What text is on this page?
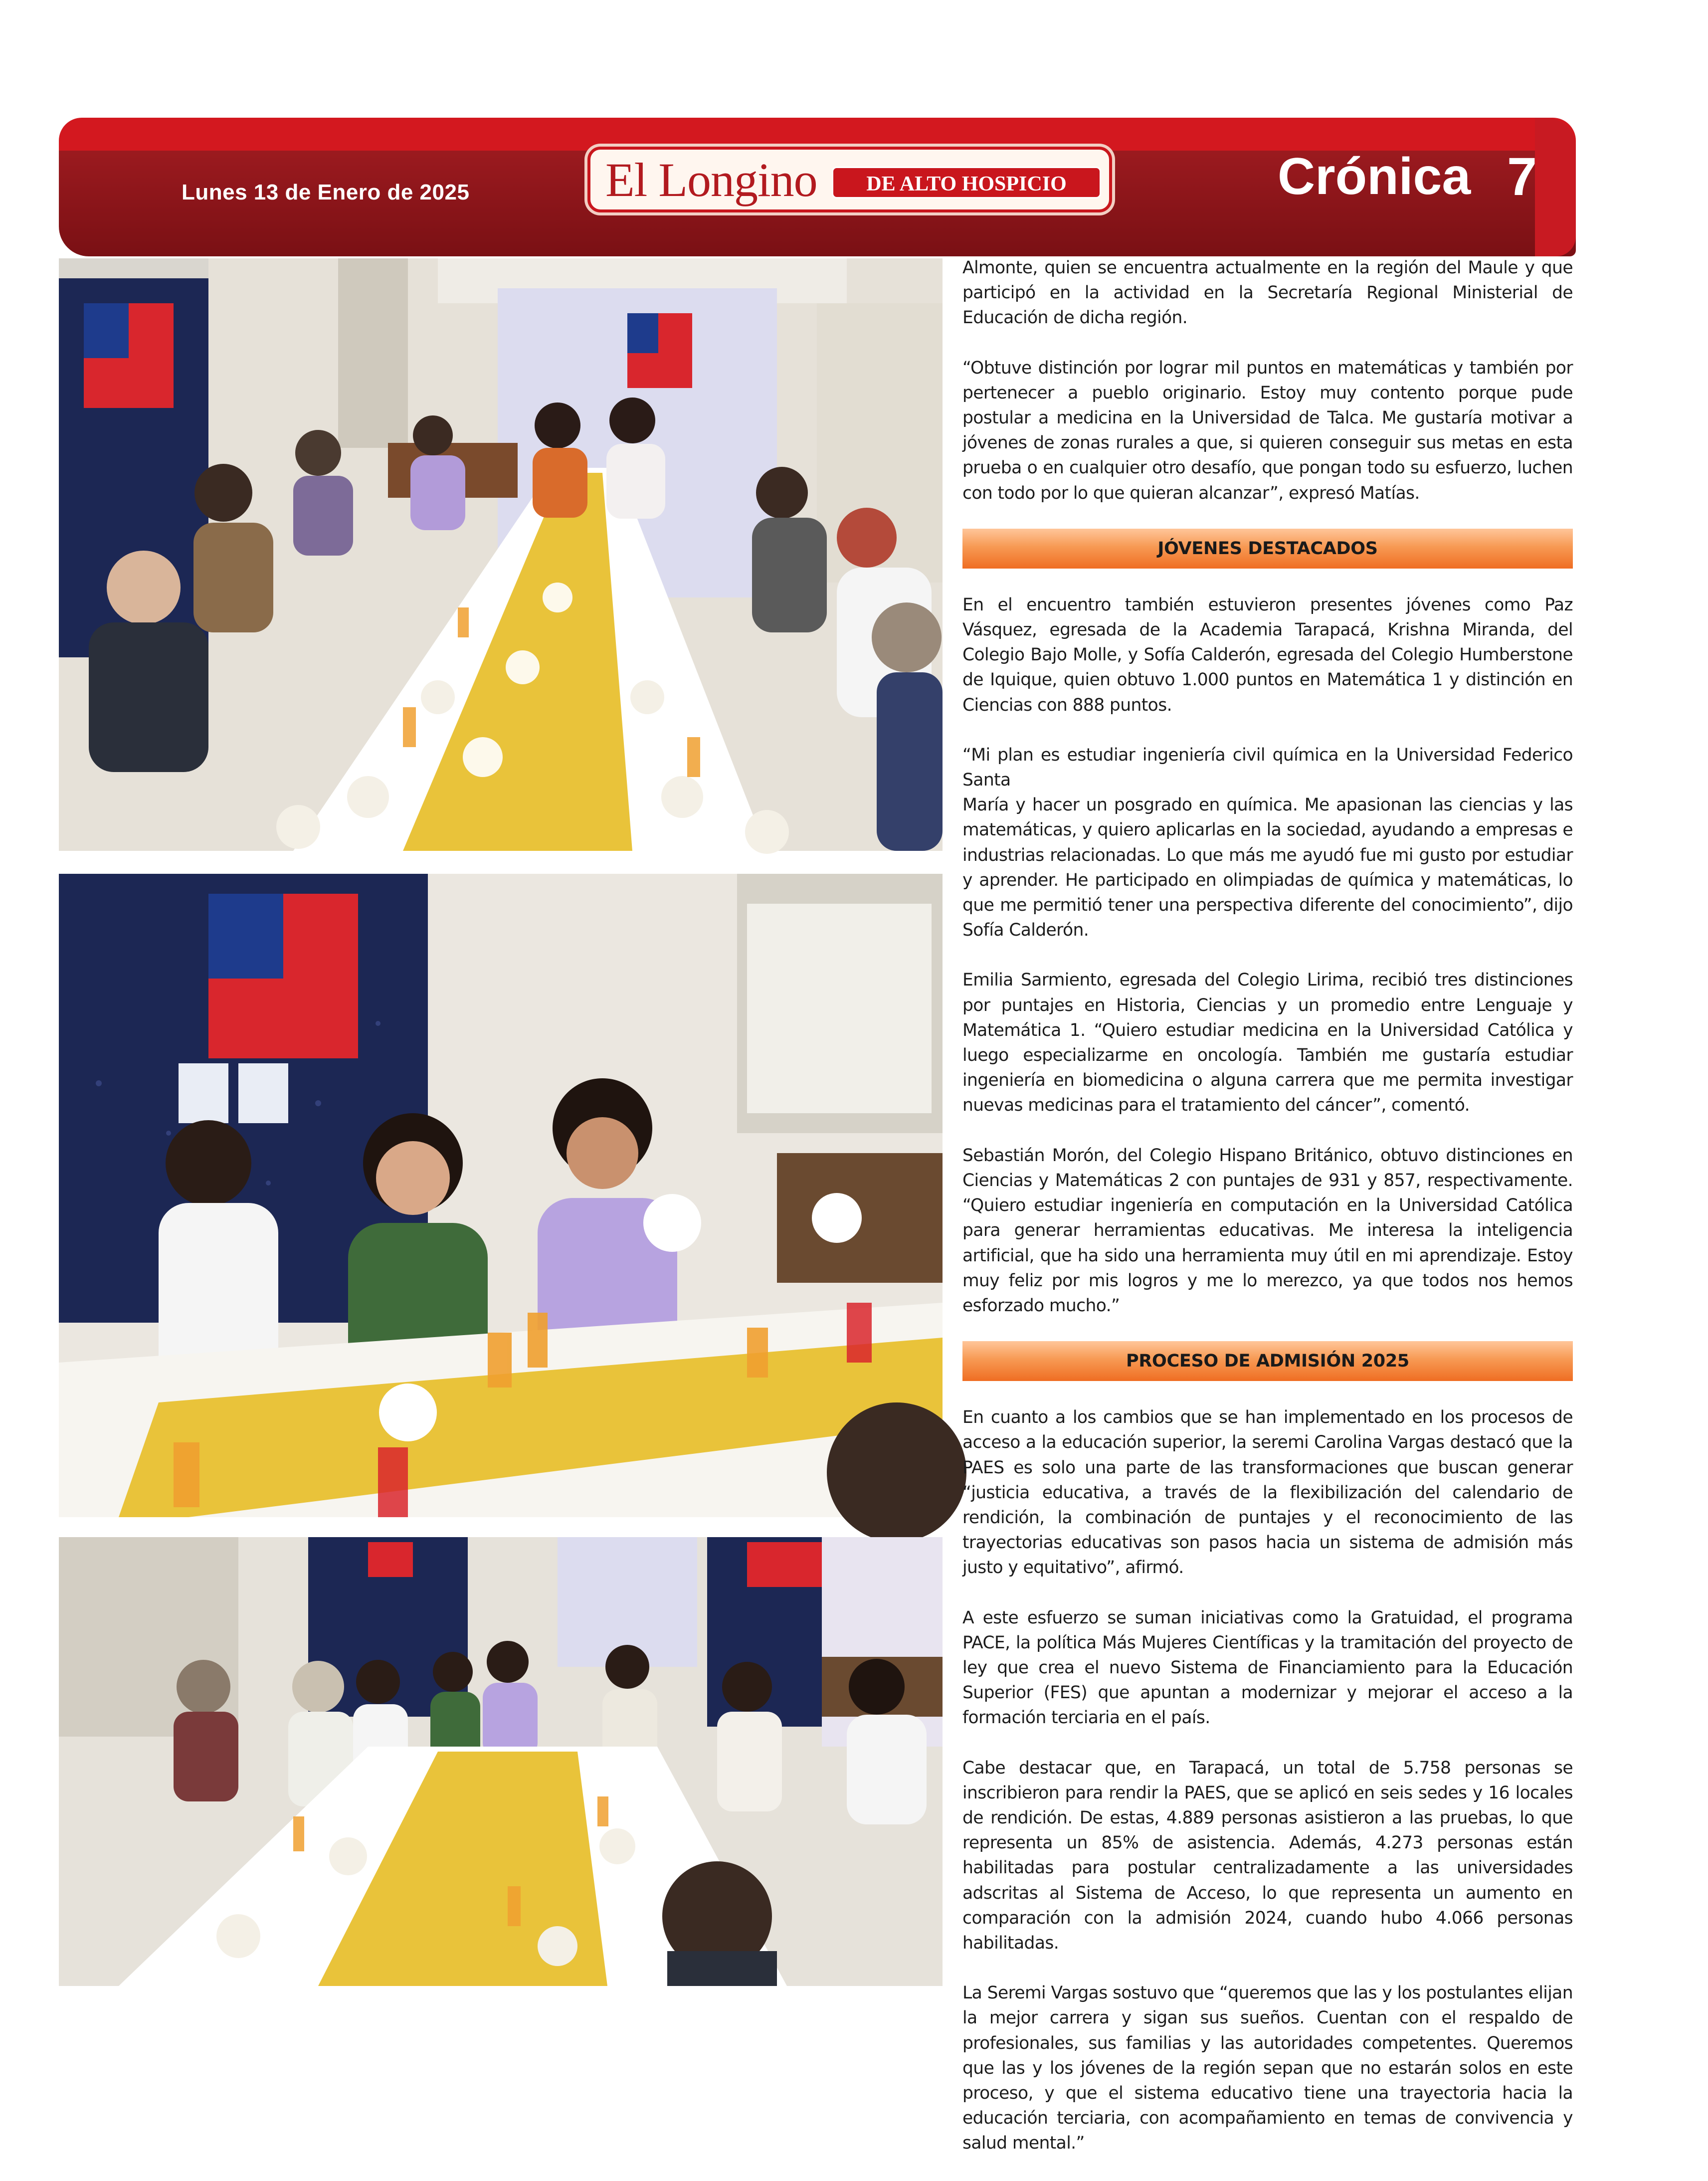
Lunes 13 de Enero de 2025	El Longino	DE ALTO HOSPICIO	Crónica 7

Almonte, quien se encuentra actualmente en la región del Maule y que participó en la actividad en la Secretaría Regional Ministerial de Educación de dicha región.

“Obtuve distinción por lograr mil puntos en matemáticas y también por pertenecer a pueblo originario. Estoy muy contento porque pude postular a medicina en la Universidad de Talca. Me gustaría motivar a jóvenes de zonas rurales a que, si quieren conseguir sus metas en esta prueba o en cualquier otro desafío, que pongan todo su esfuerzo, luchen con todo por lo que quieran alcanzar”, expresó Matías.

JÓVENES DESTACADOS

En el encuentro también estuvieron presentes jóvenes como Paz Vásquez, egresada de la Academia Tarapacá, Krishna Miranda, del Colegio Bajo Molle, y Sofía Calderón, egresada del Colegio Humberstone de Iquique, quien obtuvo 1.000 puntos en Matemática 1 y distinción en Ciencias con 888 puntos.

“Mi plan es estudiar ingeniería civil química en la Universidad Federico Santa

María y hacer un posgrado en química. Me apasionan las ciencias y las matemáticas, y quiero aplicarlas en la sociedad, ayudando a empresas e industrias relacionadas. Lo que más me ayudó fue mi gusto por estudiar y aprender. He participado en olimpiadas de química y matemáticas, lo que me permitió tener una perspectiva diferente del conocimiento”, dijo Sofía Calderón.

Emilia Sarmiento, egresada del Colegio Lirima, recibió tres distinciones por puntajes en Historia, Ciencias y un promedio entre Lenguaje y Matemática 1. “Quiero estudiar medicina en la Universidad Católica y luego especializarme en oncología. También me gustaría estudiar ingeniería en biomedicina o alguna carrera que me permita investigar nuevas medicinas para el tratamiento del cáncer”, comentó.

Sebastián Morón, del Colegio Hispano Británico, obtuvo distinciones en Ciencias y Matemáticas 2 con puntajes de 931 y 857, respectivamente. “Quiero estudiar ingeniería en computación en la Universidad Católica para generar herramientas educativas. Me interesa la inteligencia artificial, que ha sido una herramienta muy útil en mi aprendizaje. Estoy muy feliz por mis logros y me lo merezco, ya que todos nos hemos esforzado mucho.”

PROCESO DE ADMISIÓN 2025

En cuanto a los cambios que se han implementado en los procesos de acceso a la educación superior, la seremi Carolina Vargas destacó que la PAES es solo una parte de las transformaciones que buscan generar “justicia educativa, a través de la flexibilización del calendario de rendición, la combinación de puntajes y el reconocimiento de las trayectorias educativas son pasos hacia un sistema de admisión más justo y equitativo”, afirmó.

A este esfuerzo se suman iniciativas como la Gratuidad, el programa PACE, la política Más Mujeres Científicas y la tramitación del proyecto de ley que crea el nuevo Sistema de Financiamiento para la Educación Superior (FES) que apuntan a modernizar y mejorar el acceso a la formación terciaria en el país.

Cabe destacar que, en Tarapacá, un total de 5.758 personas se inscribieron para rendir la PAES, que se aplicó en seis sedes y 16 locales de rendición. De estas, 4.889 personas asistieron a las pruebas, lo que representa un 85% de asistencia. Además, 4.273 personas están habilitadas para postular centralizadamente a las universidades adscritas al Sistema de Acceso, lo que representa un aumento en comparación con la admisión 2024, cuando hubo 4.066 personas habilitadas.

La Seremi Vargas sostuvo que “queremos que las y los postulantes elijan la mejor carrera y sigan sus sueños. Cuentan con el respaldo de profesionales, sus familias y las autoridades competentes. Queremos que las y los jóvenes de la región sepan que no estarán solos en este proceso, y que el sistema educativo tiene una trayectoria hacia la educación terciaria, con acompañamiento en temas de convivencia y salud mental.”
